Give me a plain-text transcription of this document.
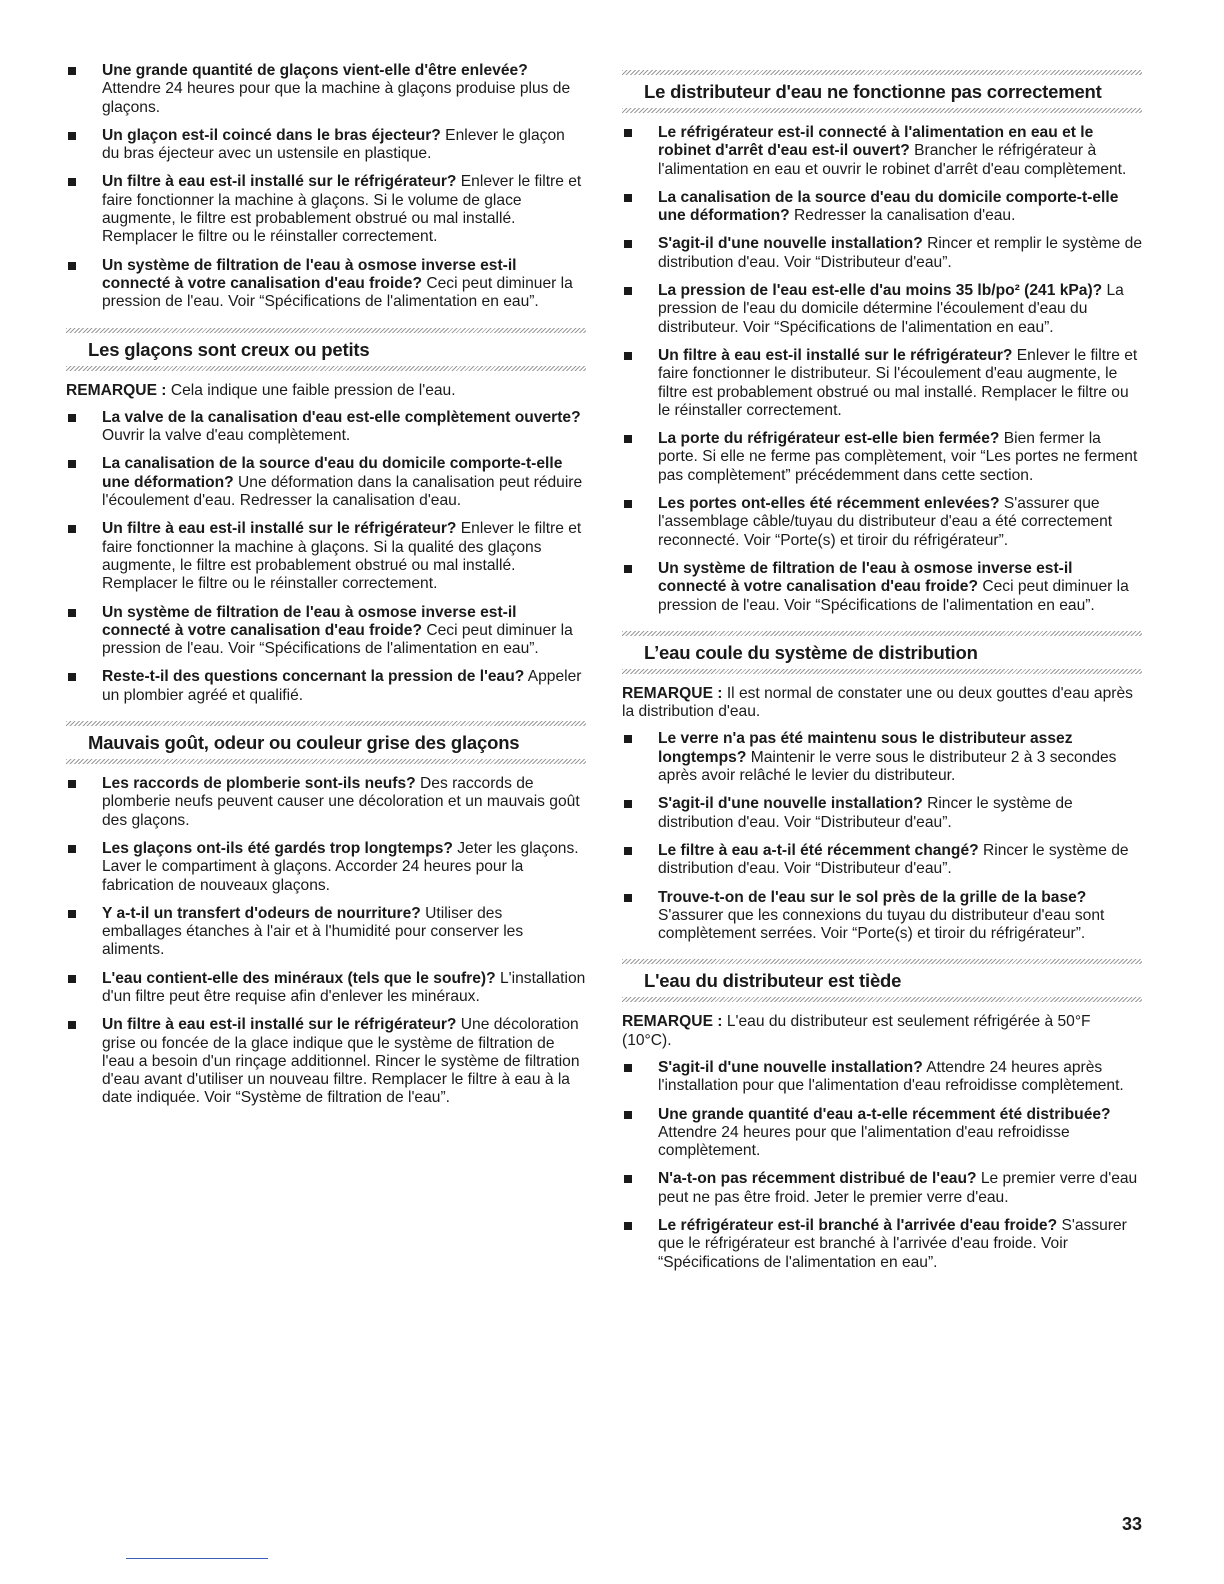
Une grande quantité de glaçons vient-elle d'être enlevée? Attendre 24 heures pour que la machine à glaçons produise plus de glaçons.
Un glaçon est-il coincé dans le bras éjecteur? Enlever le glaçon du bras éjecteur avec un ustensile en plastique.
Un filtre à eau est-il installé sur le réfrigérateur? Enlever le filtre et faire fonctionner la machine à glaçons. Si le volume de glace augmente, le filtre est probablement obstrué ou mal installé. Remplacer le filtre ou le réinstaller correctement.
Un système de filtration de l'eau à osmose inverse est-il connecté à votre canalisation d'eau froide? Ceci peut diminuer la pression de l'eau. Voir “Spécifications de l'alimentation en eau”.
Les glaçons sont creux ou petits
REMARQUE : Cela indique une faible pression de l'eau.
La valve de la canalisation d'eau est-elle complètement ouverte? Ouvrir la valve d'eau complètement.
La canalisation de la source d'eau du domicile comporte-t-elle une déformation? Une déformation dans la canalisation peut réduire l'écoulement d'eau. Redresser la canalisation d'eau.
Un filtre à eau est-il installé sur le réfrigérateur? Enlever le filtre et faire fonctionner la machine à glaçons. Si la qualité des glaçons augmente, le filtre est probablement obstrué ou mal installé. Remplacer le filtre ou le réinstaller correctement.
Un système de filtration de l'eau à osmose inverse est-il connecté à votre canalisation d'eau froide? Ceci peut diminuer la pression de l'eau. Voir “Spécifications de l'alimentation en eau”.
Reste-t-il des questions concernant la pression de l'eau? Appeler un plombier agréé et qualifié.
Mauvais goût, odeur ou couleur grise des glaçons
Les raccords de plomberie sont-ils neufs? Des raccords de plomberie neufs peuvent causer une décoloration et un mauvais goût des glaçons.
Les glaçons ont-ils été gardés trop longtemps? Jeter les glaçons. Laver le compartiment à glaçons. Accorder 24 heures pour la fabrication de nouveaux glaçons.
Y a-t-il un transfert d'odeurs de nourriture? Utiliser des emballages étanches à l'air et à l'humidité pour conserver les aliments.
L'eau contient-elle des minéraux (tels que le soufre)? L'installation d'un filtre peut être requise afin d'enlever les minéraux.
Un filtre à eau est-il installé sur le réfrigérateur? Une décoloration grise ou foncée de la glace indique que le système de filtration de l'eau a besoin d'un rinçage additionnel. Rincer le système de filtration d'eau avant d'utiliser un nouveau filtre. Remplacer le filtre à eau à la date indiquée. Voir “Système de filtration de l'eau”.
Le distributeur d'eau ne fonctionne pas correctement
Le réfrigérateur est-il connecté à l'alimentation en eau et le robinet d'arrêt d'eau est-il ouvert? Brancher le réfrigérateur à l'alimentation en eau et ouvrir le robinet d'arrêt d'eau complètement.
La canalisation de la source d'eau du domicile comporte-t-elle une déformation? Redresser la canalisation d'eau.
S'agit-il d'une nouvelle installation? Rincer et remplir le système de distribution d'eau. Voir “Distributeur d'eau”.
La pression de l'eau est-elle d'au moins 35 lb/po² (241 kPa)? La pression de l'eau du domicile détermine l'écoulement d'eau du distributeur. Voir “Spécifications de l'alimentation en eau”.
Un filtre à eau est-il installé sur le réfrigérateur? Enlever le filtre et faire fonctionner le distributeur. Si l'écoulement d'eau augmente, le filtre est probablement obstrué ou mal installé. Remplacer le filtre ou le réinstaller correctement.
La porte du réfrigérateur est-elle bien fermée? Bien fermer la porte. Si elle ne ferme pas complètement, voir “Les portes ne ferment pas complètement” précédemment dans cette section.
Les portes ont-elles été récemment enlevées? S'assurer que l'assemblage câble/tuyau du distributeur d'eau a été correctement reconnecté. Voir “Porte(s) et tiroir du réfrigérateur”.
Un système de filtration de l'eau à osmose inverse est-il connecté à votre canalisation d'eau froide? Ceci peut diminuer la pression de l'eau. Voir “Spécifications de l'alimentation en eau”.
L’eau coule du système de distribution
REMARQUE : Il est normal de constater une ou deux gouttes d'eau après la distribution d'eau.
Le verre n'a pas été maintenu sous le distributeur assez longtemps? Maintenir le verre sous le distributeur 2 à 3 secondes après avoir relâché le levier du distributeur.
S'agit-il d'une nouvelle installation? Rincer le système de distribution d'eau. Voir “Distributeur d'eau”.
Le filtre à eau a-t-il été récemment changé? Rincer le système de distribution d'eau. Voir “Distributeur d'eau”.
Trouve-t-on de l'eau sur le sol près de la grille de la base? S'assurer que les connexions du tuyau du distributeur d'eau sont complètement serrées. Voir “Porte(s) et tiroir du réfrigérateur”.
L'eau du distributeur est tiède
REMARQUE : L'eau du distributeur est seulement réfrigérée à 50°F (10°C).
S'agit-il d'une nouvelle installation? Attendre 24 heures après l'installation pour que l'alimentation d'eau refroidisse complètement.
Une grande quantité d'eau a-t-elle récemment été distribuée? Attendre 24 heures pour que l'alimentation d'eau refroidisse complètement.
N'a-t-on pas récemment distribué de l'eau? Le premier verre d'eau peut ne pas être froid. Jeter le premier verre d'eau.
Le réfrigérateur est-il branché à l'arrivée d'eau froide? S'assurer que le réfrigérateur est branché à l'arrivée d'eau froide. Voir “Spécifications de l'alimentation en eau”.
33
